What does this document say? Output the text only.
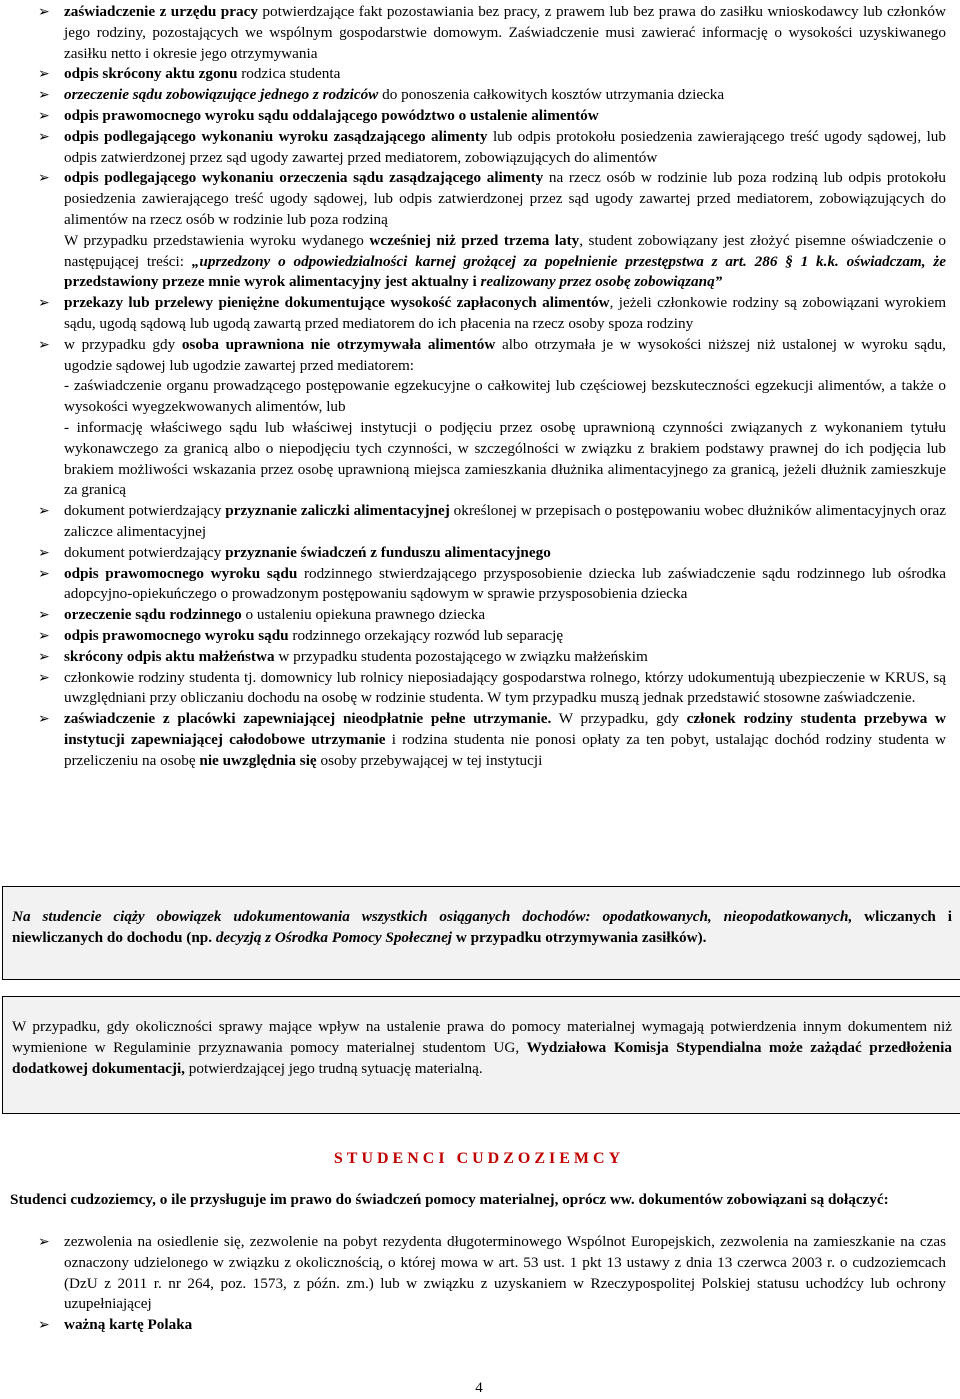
➢ zaświadczenie z urzędu pracy potwierdzające fakt pozostawiania bez pracy, z prawem lub bez prawa do zasiłku wnioskodawcy lub członków jego rodziny, pozostających we wspólnym gospodarstwie domowym. Zaświadczenie musi zawierać informację o wysokości uzyskiwanego zasiłku netto i okresie jego otrzymywania
➢ odpis skrócony aktu zgonu rodzica studenta
➢ orzeczenie sądu zobowiązujące jednego z rodziców do ponoszenia całkowitych kosztów utrzymania dziecka
➢ odpis prawomocnego wyroku sądu oddalającego powództwo o ustalenie alimentów
➢ odpis podlegającego wykonaniu wyroku zasądzającego alimenty lub odpis protokołu posiedzenia zawierającego treść ugody sądowej, lub odpis zatwierdzonej przez sąd ugody zawartej przed mediatorem, zobowiązujących do alimentów
➢ odpis podlegającego wykonaniu orzeczenia sądu zasądzającego alimenty na rzecz osób w rodzinie lub poza rodziną lub odpis protokołu posiedzenia zawierającego treść ugody sądowej, lub odpis zatwierdzonej przez sąd ugody zawartej przed mediatorem, zobowiązujących do alimentów na rzecz osób w rodzinie lub poza rodziną
W przypadku przedstawienia wyroku wydanego wcześniej niż przed trzema laty, student zobowiązany jest złożyć pisemne oświadczenie o następującej treści: „uprzedzony o odpowiedzialności karnej grożącej za popełnienie przestępstwa z art. 286 § 1 k.k. oświadczam, że przedstawiony przeze mnie wyrok alimentacyjny jest aktualny i realizowany przez osobę zobowiązaną”
➢ przekazy lub przelewy pieniężne dokumentujące wysokość zapłaconych alimentów, jeżeli członkowie rodziny są zobowiązani wyrokiem sądu, ugodą sądową lub ugodą zawartą przed mediatorem do ich płacenia na rzecz osoby spoza rodziny
➢ w przypadku gdy osoba uprawniona nie otrzymywała alimentów albo otrzymała je w wysokości niższej niż ustalonej w wyroku sądu, ugodzie sądowej lub ugodzie zawartej przed mediatorem:
- zaświadczenie organu prowadzącego postępowanie egzekucyjne o całkowitej lub częściowej bezskuteczności egzekucji alimentów, a także o wysokości wyegzekwowanych alimentów, lub
- informację właściwego sądu lub właściwej instytucji o podjęciu przez osobę uprawnioną czynności związanych z wykonaniem tytułu wykonawczego za granicą albo o niepodjęciu tych czynności, w szczególności w związku z brakiem podstawy prawnej do ich podjęcia lub brakiem możliwości wskazania przez osobę uprawnioną miejsca zamieszkania dłużnika alimentacyjnego za granicą, jeżeli dłużnik zamieszkuje za granicą
➢ dokument potwierdzający przyznanie zaliczki alimentacyjnej określonej w przepisach o postępowaniu wobec dłużników alimentacyjnych oraz zaliczce alimentacyjnej
➢ dokument potwierdzający przyznanie świadczeń z funduszu alimentacyjnego
➢ odpis prawomocnego wyroku sądu rodzinnego stwierdzającego przysposobienie dziecka lub zaświadczenie sądu rodzinnego lub ośrodka adopcyjno-opiekuńczego o prowadzonym postępowaniu sądowym w sprawie przysposobienia dziecka
➢ orzeczenie sądu rodzinnego o ustaleniu opiekuna prawnego dziecka
➢ odpis prawomocnego wyroku sądu rodzinnego orzekający rozwód lub separację
➢ skrócony odpis aktu małżeństwa w przypadku studenta pozostającego w związku małżeńskim
➢ członkowie rodziny studenta tj. domownicy lub rolnicy nieposiadający gospodarstwa rolnego, którzy udokumentują ubezpieczenie w KRUS, są uwzględniani przy obliczaniu dochodu na osobę w rodzinie studenta. W tym przypadku muszą jednak przedstawić stosowne zaświadczenie.
➢ zaświadczenie z placówki zapewniającej nieodpłatnie pełne utrzymanie. W przypadku, gdy członek rodziny studenta przebywa w instytucji zapewniającej całodobowe utrzymanie i rodzina studenta nie ponosi opłaty za ten pobyt, ustalając dochód rodziny studenta w przeliczeniu na osobę nie uwzględnia się osoby przebywającej w tej instytucji
Na studencie ciąży obowiązek udokumentowania wszystkich osiąganych dochodów: opodatkowanych, nieopodatkowanych, wliczanych i niewliczanych do dochodu (np. decyzją z Ośrodka Pomocy Społecznej w przypadku otrzymywania zasiłków).
W przypadku, gdy okoliczności sprawy mające wpływ na ustalenie prawa do pomocy materialnej wymagają potwierdzenia innym dokumentem niż wymienione w Regulaminie przyznawania pomocy materialnej studentom UG, Wydziałowa Komisja Stypendialna może zażądać przedłożenia dodatkowej dokumentacji, potwierdzającej jego trudną sytuację materialną.
STUDENCI CUDZOZIEMCY
Studenci cudzoziemcy, o ile przysługuje im prawo do świadczeń pomocy materialnej, oprócz ww. dokumentów zobowiązani są dołączyć:
➢ zezwolenia na osiedlenie się, zezwolenie na pobyt rezydenta długoterminowego Wspólnot Europejskich, zezwolenia na zamieszkanie na czas oznaczony udzielonego w związku z okolicznością, o której mowa w art. 53 ust. 1 pkt 13 ustawy z dnia 13 czerwca 2003 r. o cudzoziemcach (DzU z 2011 r. nr 264, poz. 1573, z późn. zm.) lub w związku z uzyskaniem w Rzeczypospolitej Polskiej statusu uchodźcy lub ochrony uzupełniającej
➢ ważną kartę Polaka
4
